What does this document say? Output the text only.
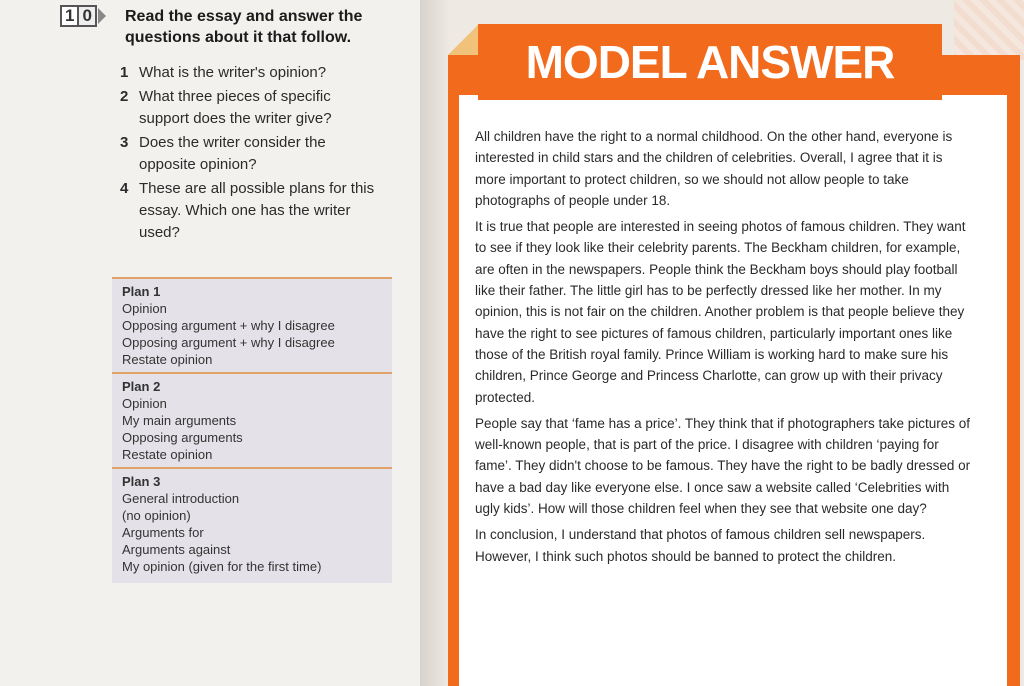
1 0	Read the essay and answer the questions about it that follow.
1 What is the writer's opinion?
2 What three pieces of specific support does the writer give?
3 Does the writer consider the opposite opinion?
4 These are all possible plans for this essay. Which one has the writer used?
Plan 1
Opinion
Opposing argument + why I disagree
Opposing argument + why I disagree
Restate opinion
Plan 2
Opinion
My main arguments
Opposing arguments
Restate opinion
Plan 3
General introduction
(no opinion)
Arguments for
Arguments against
My opinion (given for the first time)
MODEL ANSWER

All children have the right to a normal childhood. On the other hand, everyone is interested in child stars and the children of celebrities. Overall, I agree that it is more important to protect children, so we should not allow people to take photographs of people under 18.

It is true that people are interested in seeing photos of famous children. They want to see if they look like their celebrity parents. The Beckham children, for example, are often in the newspapers. People think the Beckham boys should play football like their father. The little girl has to be perfectly dressed like her mother. In my opinion, this is not fair on the children. Another problem is that people believe they have the right to see pictures of famous children, particularly important ones like those of the British royal family. Prince William is working hard to make sure his children, Prince George and Princess Charlotte, can grow up with their privacy protected.

People say that ‘fame has a price’. They think that if photographers take pictures of well-known people, that is part of the price. I disagree with children ‘paying for fame’. They didn't choose to be famous. They have the right to be badly dressed or have a bad day like everyone else. I once saw a website called ‘Celebrities with ugly kids’. How will those children feel when they see that website one day?

In conclusion, I understand that photos of famous children sell newspapers. However, I think such photos should be banned to protect the children.
